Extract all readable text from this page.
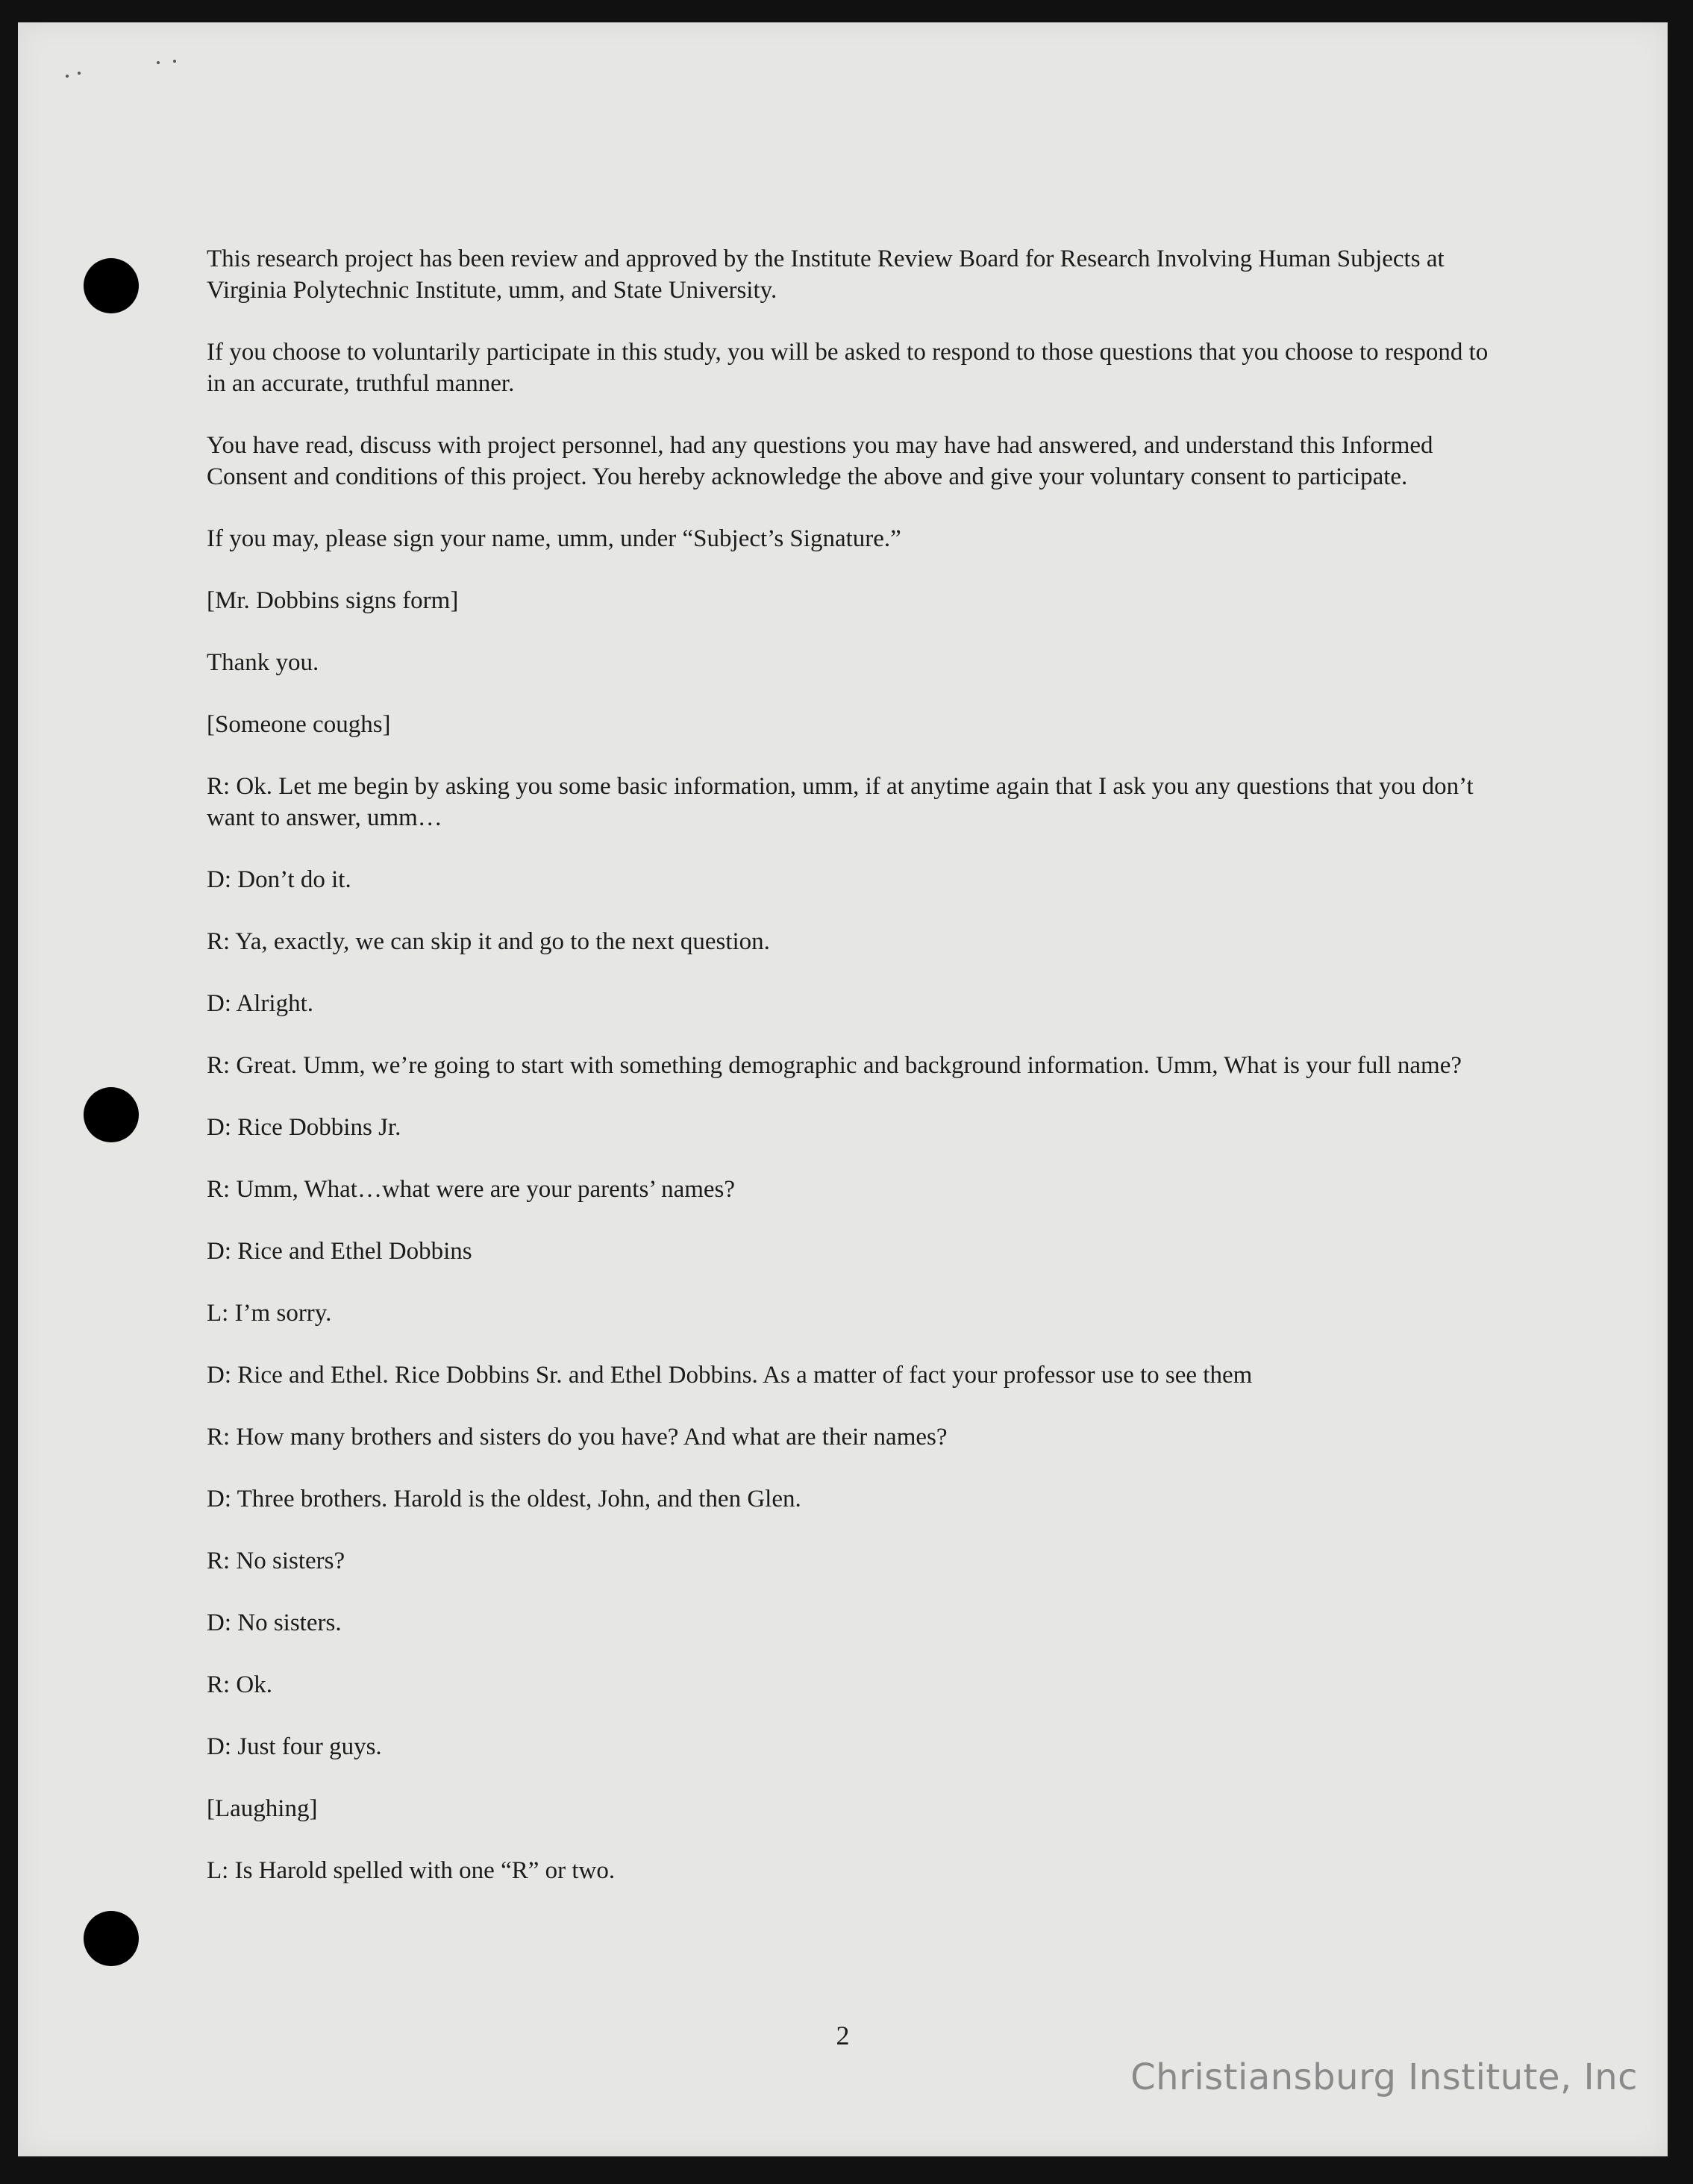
This research project has been review and approved by the Institute Review Board for Research Involving Human Subjects at Virginia Polytechnic Institute, umm, and State University.

If you choose to voluntarily participate in this study, you will be asked to respond to those questions that you choose to respond to in an accurate, truthful manner.

You have read, discuss with project personnel, had any questions you may have had answered, and understand this Informed Consent and conditions of this project. You hereby acknowledge the above and give your voluntary consent to participate.

If you may, please sign your name, umm, under “Subject’s Signature.”

[Mr. Dobbins signs form]

Thank you.

[Someone coughs]

R: Ok. Let me begin by asking you some basic information, umm, if at anytime again that I ask you any questions that you don’t want to answer, umm…

D: Don’t do it.

R: Ya, exactly, we can skip it and go to the next question.

D: Alright.

R: Great. Umm, we’re going to start with something demographic and background information. Umm, What is your full name?

D: Rice Dobbins Jr.

R: Umm, What…what were are your parents’ names?

D: Rice and Ethel Dobbins

L: I’m sorry.

D: Rice and Ethel. Rice Dobbins Sr. and Ethel Dobbins. As a matter of fact your professor use to see them

R: How many brothers and sisters do you have? And what are their names?

D: Three brothers. Harold is the oldest, John, and then Glen.

R: No sisters?

D: No sisters.

R: Ok.

D: Just four guys.

[Laughing]

L: Is Harold spelled with one “R” or two.

2
Christiansburg Institute, Inc
